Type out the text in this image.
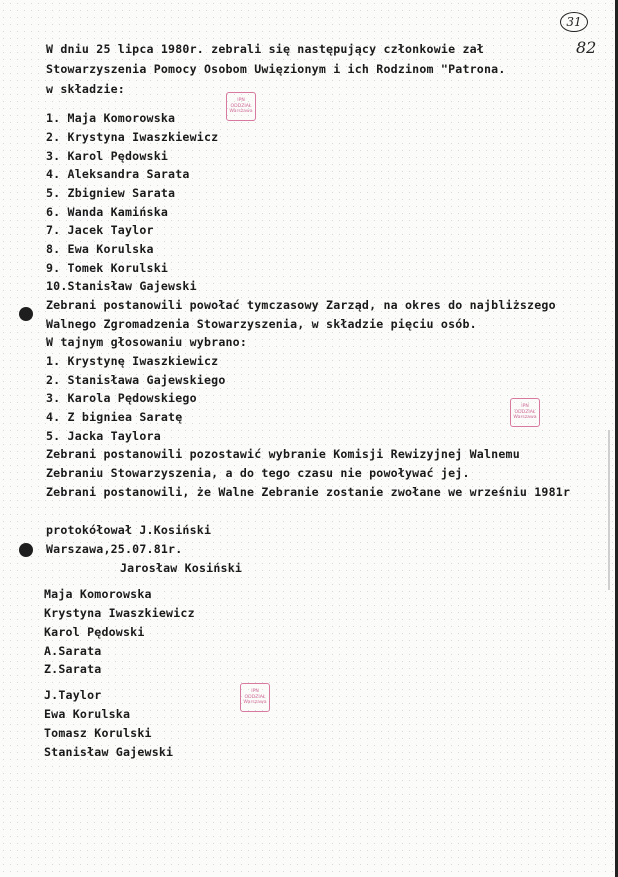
31
82
IPN
ODDZIAŁ
Warszawa
IPN
ODDZIAŁ
Warszawa
IPN
ODDZIAŁ
Warszawa
W dniu 25 lipca 1980r. zebrali się następujący członkowie zał
Stowarzyszenia Pomocy Osobom Uwięzionym i ich Rodzinom "Patrona.
w składzie:
1. Maja Komorowska
2. Krystyna Iwaszkiewicz
3. Karol Pędowski
4. Aleksandra Sarata
5. Zbigniew Sarata
6. Wanda Kamińska
7. Jacek Taylor
8. Ewa Korulska
9. Tomek Korulski
10.Stanisław Gajewski
Zebrani postanowili powołać tymczasowy Zarząd, na okres do najbliższego
Walnego Zgromadzenia Stowarzyszenia, w składzie pięciu osób.
W tajnym głosowaniu wybrano:
1. Krystynę Iwaszkiewicz
2. Stanisława Gajewskiego
3. Karola Pędowskiego
4. Z bigniea Saratę
5. Jacka Taylora
Zebrani postanowili pozostawić wybranie Komisji Rewizyjnej Walnemu
Zebraniu Stowarzyszenia, a do tego czasu nie powoływać jej.
Zebrani postanowili, że Walne Zebranie zostanie zwołane we wrześniu 1981r
protokółował J.Kosiński
Warszawa,25.07.81r.
Jarosław Kosiński
Maja Komorowska
Krystyna Iwaszkiewicz
Karol Pędowski
A.Sarata
Z.Sarata
J.Taylor
Ewa Korulska
Tomasz Korulski
Stanisław Gajewski
